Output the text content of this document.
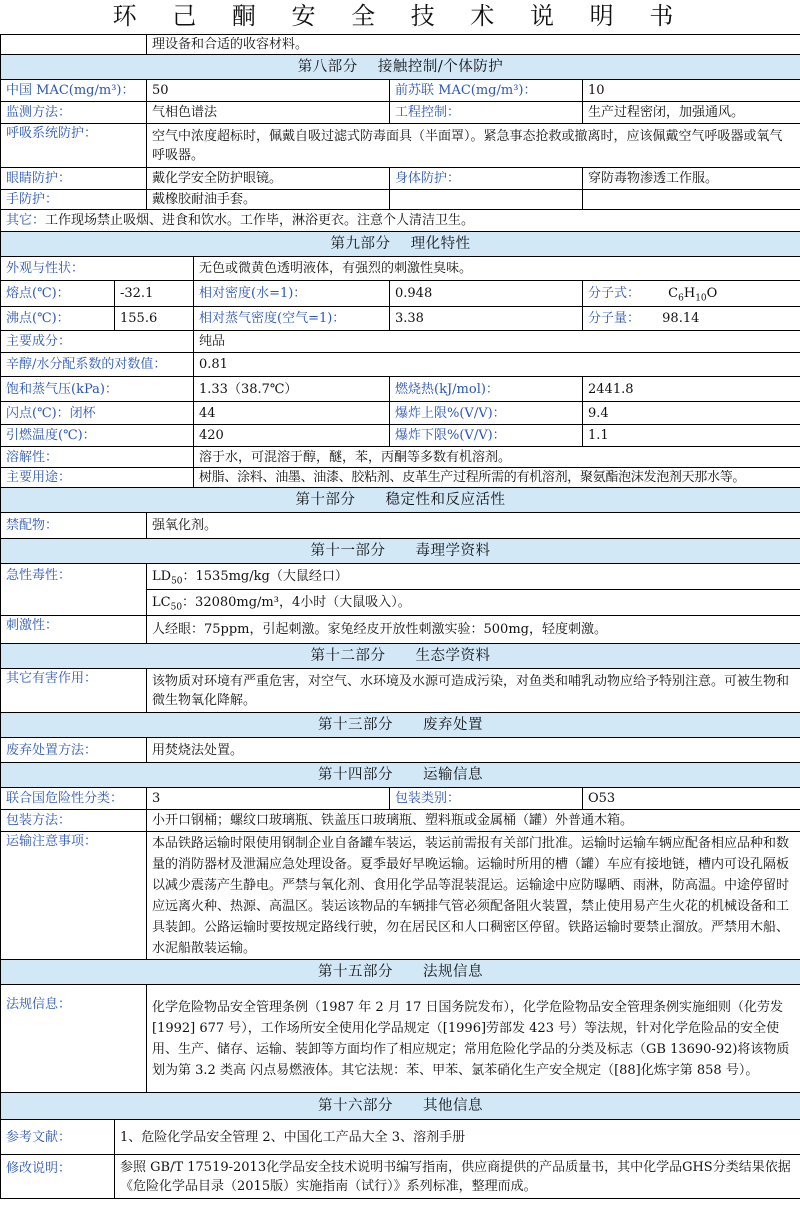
环 己 酮 安 全 技 术 说 明 书
		理设备和合适的收容材料。			
第八部分　 接触控制/个体防护					
中国 MAC(mg/m³)：		50		前苏联 MAC(mg/m³)：	10
监测方法：		气相色谱法		工程控制：	生产过程密闭，加强通风。
呼吸系统防护：		空气中浓度超标时，佩戴自吸过滤式防毒面具（半面罩）。紧急事态抢救或撤离时，应该佩戴空气呼吸器或氧气呼吸器。			
眼睛防护：		戴化学安全防护眼镜。		身体防护：	穿防毒物渗透工作服。
手防护：		戴橡胶耐油手套。			
其它：工作现场禁止吸烟、进食和饮水。工作毕，淋浴更衣。注意个人清洁卫生。					
第九部分　 理化特性					
外观与性状：			无色或微黄色透明液体，有强烈的刺激性臭味。		
熔点(℃)：	-32.1		相对密度(水=1)：	0.948	分子式： $C_6H_{10}O$
沸点(℃)：	155.6		相对蒸气密度(空气=1)：	3.38	分子量： 98.14
主要成分：			纯品		
辛醇/水分配系数的对数值：			0.81		
饱和蒸气压(kPa)：			1.33（38.7℃）	燃烧热(kJ/mol)：	2441.8
闪点(℃)：闭杯			44	爆炸上限%(V/V)：	9.4
引燃温度(℃)：			420	爆炸下限%(V/V)：	1.1
溶解性：			溶于水，可混溶于醇，醚，苯，丙酮等多数有机溶剂。		
主要用途：			树脂、涂料、油墨、油漆、胶粘剂、皮革生产过程所需的有机溶剂，聚氨酯泡沫发泡剂天那水等。		
第十部分　　稳定性和反应活性					
禁配物：		强氧化剂。			
第十一部分　　毒理学资料					
急性毒性：		$LD_{50}$：1535mg/kg（大鼠经口）			
		$LC_{50}$：32080mg/m³，4小时（大鼠吸入）。			
刺激性：		人经眼：75ppm，引起刺激。家兔经皮开放性刺激实验：500mg，轻度刺激。			
第十二部分　　生态学资料					
其它有害作用：		该物质对环境有严重危害，对空气、水环境及水源可造成污染，对鱼类和哺乳动物应给予特别注意。可被生物和微生物氧化降解。			
第十三部分　　废弃处置					
废弃处置方法：		用焚烧法处置。			
第十四部分　　运输信息					
联合国危险性分类：		3		包装类别：	O53
包装方法：		小开口钢桶；螺纹口玻璃瓶、铁盖压口玻璃瓶、塑料瓶或金属桶（罐）外普通木箱。			
运输注意事项：		本品铁路运输时限使用钢制企业自备罐车装运，装运前需报有关部门批准。运输时运输车辆应配备相应品种和数量的消防器材及泄漏应急处理设备。夏季最好早晚运输。运输时所用的槽（罐）车应有接地链，槽内可设孔隔板以减少震荡产生静电。严禁与氧化剂、食用化学品等混装混运。运输途中应防曝晒、雨淋，防高温。中途停留时应远离火种、热源、高温区。装运该物品的车辆排气管必须配备阻火装置，禁止使用易产生火花的机械设备和工具装卸。公路运输时要按规定路线行驶，勿在居民区和人口稠密区停留。铁路运输时要禁止溜放。严禁用木船、水泥船散装运输。			
第十五部分　　法规信息					
法规信息：		化学危险物品安全管理条例（1987 年 2 月 17 日国务院发布），化学危险物品安全管理条例实施细则（化劳发[1992] 677 号），工作场所安全使用化学品规定（[1996]劳部发 423 号）等法规，针对化学危险品的安全使用、生产、储存、运输、装卸等方面均作了相应规定；常用危险化学品的分类及标志（GB 13690-92)将该物质划为第 3.2 类高 闪点易燃液体。其它法规：苯、甲苯、氯苯硝化生产安全规定（[88]化炼字第 858 号）。			
第十六部分　　其他信息					
参考文献：	1、危险化学品安全管理 2、中国化工产品大全 3、溶剂手册				
修改说明：	参照 GB/T 17519-2013化学品安全技术说明书编写指南，供应商提供的产品质量书，其中化学品GHS分类结果依据《危险化学品目录（2015版）实施指南（试行）》系列标准，整理而成。				
